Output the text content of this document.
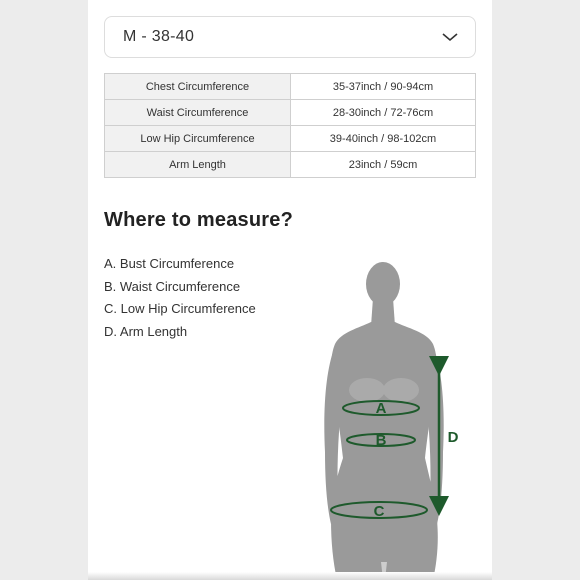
M - 38-40
Chest Circumference	35-37inch / 90-94cm
Waist Circumference	28-30inch / 72-76cm
Low Hip Circumference	39-40inch / 98-102cm
Arm Length	23inch / 59cm
Where to measure?
A. Bust Circumference
B. Waist Circumference
C. Low Hip Circumference
D. Arm Length
A
B
C
D
